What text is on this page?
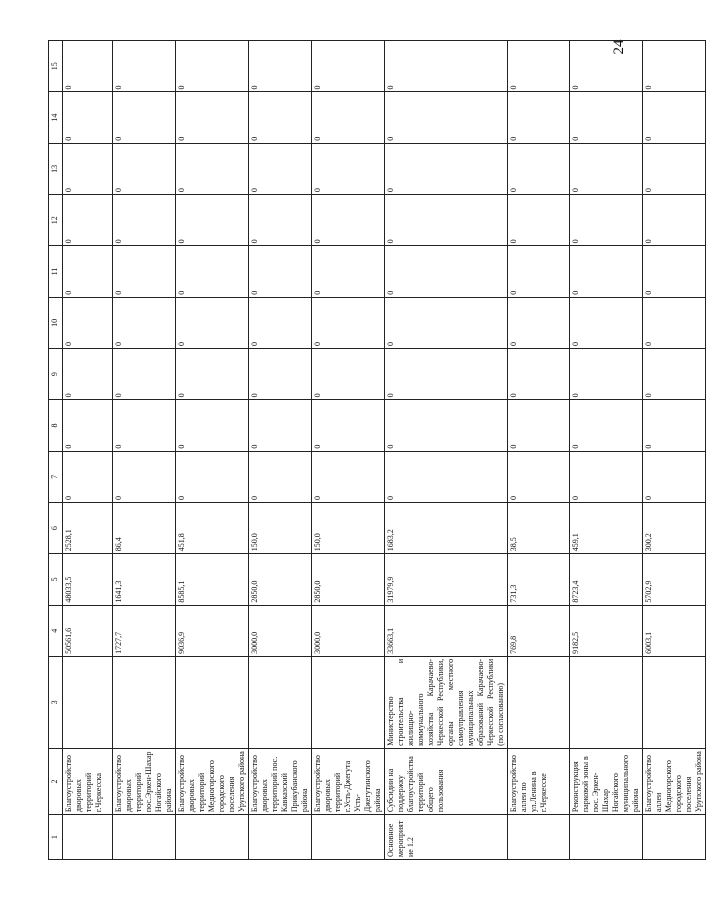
24
1	2	3	4	5	6	7	8	9	10	11	12	13	14	15
	Благоустройство дворовых территорий г.Черкесска		50561,6	48033,5	2528,1	0	0	0	0	0	0	0	0	0
	Благоустройство дворовых территорий пос.Эркен-Шахар Ногайского района		1727,7	1641,3	86,4	0	0	0	0	0	0	0	0	0
	Благоустройство дворовых территорий Медногорского городского поселения Урупского района		9036,9	8585,1	451,8	0	0	0	0	0	0	0	0	0
	Благоустройство дворовых территорий пос. Кавказский Прикубанского района		3000,0	2850,0	150,0	0	0	0	0	0	0	0	0	0
	Благоустройство дворовых территорий г.Усть-Джегута Усть-Джегутинского района		3000,0	2850,0	150,0	0	0	0	0	0	0	0	0	0
Основное мероприятие 1.2	Субсидии на поддержку благоустройства территорий общего пользования	Министерство строительства и жилищно-коммунального хозяйства Карачаево-Черкесской Республики, органы местного самоуправления муниципальных образований Карачаево-Черкесской Республики (по согласованию)	33663,1	31979,9	1683,2	0	0	0	0	0	0	0	0	0
	Благоустройство аллеи по ул.Ленина в г.Черкесске		769,8	731,3	38,5	0	0	0	0	0	0	0	0	0
	Реконструкция парковой зоны в пос. Эркен-Шахар Ногайского муниципального района		9182,5	8723,4	459,1	0	0	0	0	0	0	0	0	0
	Благоустройство аллеи Медногорского городского поселения Урупского района		6003,1	5702,9	300,2	0	0	0	0	0	0	0	0	0
